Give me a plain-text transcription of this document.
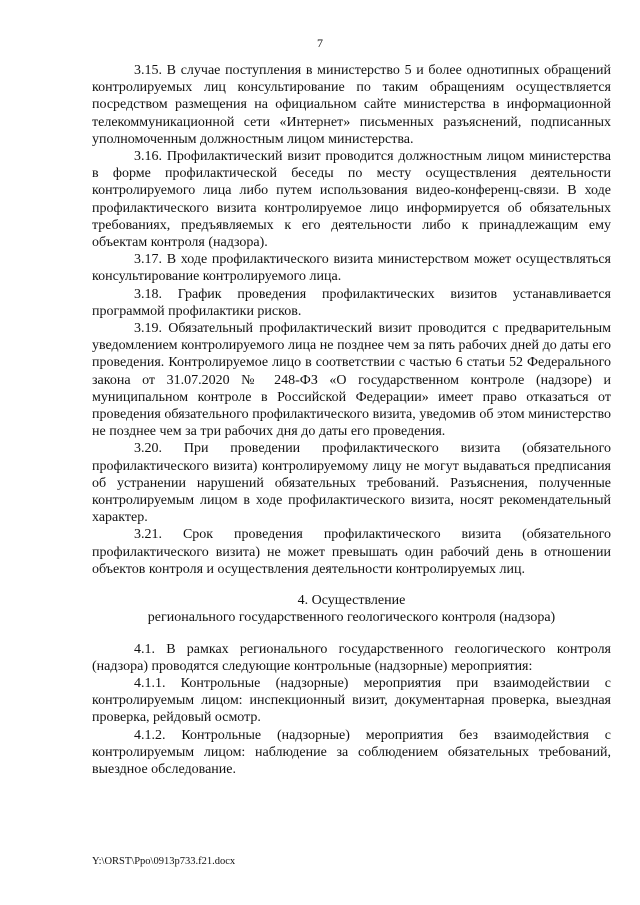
7

3.15. В случае поступления в министерство 5 и более однотипных обращений контролируемых лиц консультирование по таким обращениям осуществляется посредством размещения на официальном сайте министерства в информационной телекоммуникационной сети «Интернет» письменных разъяснений, подписанных уполномоченным должностным лицом министерства.

3.16. Профилактический визит проводится должностным лицом министерства в форме профилактической беседы по месту осуществления деятельности контролируемого лица либо путем использования видео-конференц-связи. В ходе профилактического визита контролируемое лицо информируется об обязательных требованиях, предъявляемых к его деятельности либо к принадлежащим ему объектам контроля (надзора).

3.17. В ходе профилактического визита министерством может осуществляться консультирование контролируемого лица.

3.18. График проведения профилактических визитов устанавливается программой профилактики рисков.

3.19. Обязательный профилактический визит проводится с предварительным уведомлением контролируемого лица не позднее чем за пять рабочих дней до даты его проведения. Контролируемое лицо в соответствии с частью 6 статьи 52 Федерального закона от 31.07.2020 № 248-ФЗ «О государственном контроле (надзоре) и муниципальном контроле в Российской Федерации» имеет право отказаться от проведения обязательного профилактического визита, уведомив об этом министерство не позднее чем за три рабочих дня до даты его проведения.

3.20. При проведении профилактического визита (обязательного профилактического визита) контролируемому лицу не могут выдаваться предписания об устранении нарушений обязательных требований. Разъяснения, полученные контролируемым лицом в ходе профилактического визита, носят рекомендательный характер.

3.21. Срок проведения профилактического визита (обязательного профилактического визита) не может превышать один рабочий день в отношении объектов контроля и осуществления деятельности контролируемых лиц.

4. Осуществление

регионального государственного геологического контроля (надзора)

4.1. В рамках регионального государственного геологического контроля (надзора) проводятся следующие контрольные (надзорные) мероприятия:

4.1.1. Контрольные (надзорные) мероприятия при взаимодействии с контролируемым лицом: инспекционный визит, документарная проверка, выездная проверка, рейдовый осмотр.

4.1.2. Контрольные (надзорные) мероприятия без взаимодействия с контролируемым лицом: наблюдение за соблюдением обязательных требований, выездное обследование.

Y:\ORST\Ppo\0913p733.f21.docx
